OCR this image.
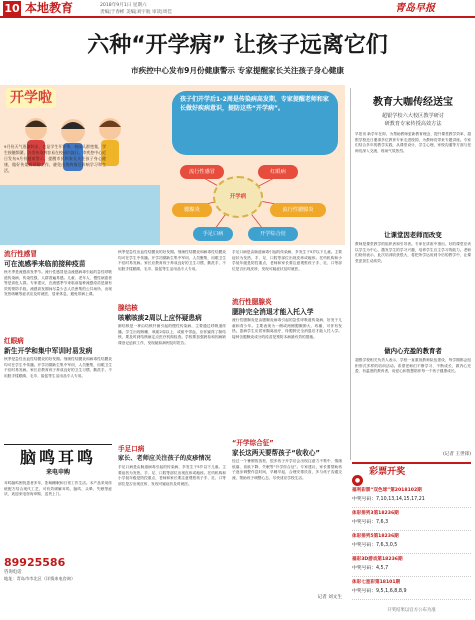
10 本地教育	2018年9月1日 星期六
责编|于春彬 美编|刘宇航 审读|周佳	青岛早报
六种“开学病” 让孩子远离它们
市疾控中心发布9月份健康警示 专家提醒家长关注孩子身心健康
开学啦	孩子们开学后1-2周是传染病高发期，专家提醒老师和家长做好疾病意识，提防这些“开学病”。
开学病
流行性感冒	红眼病
腮腺炎
手足口病
流行性腮腺炎
开学综合征
9月份天气逐渐转凉，也是学生开学季，校园人群密集，学生接触频繁，各类传染病容易在校园内流行。市疾控中心近日发布9月份健康警示，提醒市民和家长关注孩子身心健康，做好传染病预防工作，避免出现病情后影响学习和生活。
流行性感冒
可在流感季来临前接种疫苗
秋冬季是流感高发季节。流行性感冒是由流感病毒引起的急性呼吸道传染病，传染性强，人群普遍易感。儿童、老年人、慢性病患者等是高危人群。专家建议，在流感季节来临前接种流感疫苗是最有效的预防手段。流感高发期间尽量少去人员密集的公共场所，出现发热咳嗽等症状应及时就医，居家休息，避免带病上课。
红眼病
新生开学和集中军训时易发病
秋季是急性出血性结膜炎的好发期。细菌性结膜炎和病毒性结膜炎均可在学生中传播。开学初期新生集中军训，人员聚集，用眼卫生不佳时易发病。家长应教育孩子养成良好的卫生习惯，勤洗手，不用脏手揉眼睛，毛巾、脸盆等生活用品专人专用。
脑鸣耳鸣
来电申购
耳鸣脑鸣困扰患者多年，影响睡眠和日常工作生活。本产品采用传统配方结合现代工艺，可有效缓解耳鸣、脑鸣、头晕、失眠等症状，欢迎来电咨询申购，送货上门。
89925586
咨询电话
地址：青岛市市北区（详情来电咨询）
秋季是急性出血性结膜炎的好发期。细菌性结膜炎和病毒性结膜炎均可在学生中传播。开学初期新生集中军训，人员聚集，用眼卫生不佳时易发病。家长应教育孩子养成良好的卫生习惯，勤洗手，不用脏手揉眼睛，毛巾、脸盆等生活用品专人专用。
腺结核
咳嗽咳痰2周以上应怀疑患病
肺结核是一种由结核杆菌引起的慢性传染病，主要通过呼吸道传播。学生出现咳嗽、咳痰2周以上，或痰中带血，应怀疑得了肺结核，要及时到结核病定点医疗机构检查。学校要加强晨检和因病缺课登记追踪工作，发现疑似病例及时报告。
手足口病
家长、老师应关注孩子的皮疹情况
手足口病是由肠道病毒引起的传染病，多发生于5岁以下儿童。主要症状为发热，手、足、口腔等部位出现皮疹或疱疹。托幼机构和小学低年级是防控重点，老师和家长要注意观察孩子手、足、口等部位是否出现皮疹，发现可疑症状及时就医。
手足口病是由肠道病毒引起的传染病，多发生于5岁以下儿童。主要症状为发热，手、足、口腔等部位出现皮疹或疱疹。托幼机构和小学低年级是防控重点，老师和家长要注意观察孩子手、足、口等部位是否出现皮疹，发现可疑症状及时就医。
流行性腮腺炎
腮肿完全消退才能入托入学
流行性腮腺炎是由腮腺炎病毒引起的急性呼吸道传染病，好发于儿童和青少年。主要表现为一侧或两侧腮腺肿大、疼痛，可伴有发热。患病学生应居家隔离治疗，待腮肿完全消退后才能入托入学。接种含腮腺炎成分的疫苗是预防本病最有效的措施。
“开学综合征”
家长这两天要帮孩子“收收心”
经过一个暑假的放松，很多孩子开学后会出现注意力不集中、情绪低落、食欲下降、失眠等“开学综合征”。专家建议，家长要帮助孩子逐步调整作息时间，早睡早起，合理安排饮食，多与孩子沟通交流，帮助孩子调整心态，尽快适应学校生活。
记者 刘文生
教育大咖传经送宝
超银学校六大校区教学研讨
研教育专家传授高效方法
早报讯 新学年在即，为帮助教师更新教育理念、提升课堂教学效率，超银学校近日邀请多位教育专家走进校园，为教师们带来专题讲座。专家们结合多年的教学实践，从课堂设计、学生心理、家校沟通等方面与老师们深入交流，现场气氛热烈。
让课堂因老师而改变
教师是课堂教学的组织者和引导者。专家在讲座中指出，好的课堂应该以学生为中心，激发学生的学习兴趣，培养学生自主学习的能力。老师们纷纷表示，此次培训收获很大，将把所学运用到今后的教学中，让课堂更加生动高效。
做内心充盈的教育者
超银学校相关负责人表示，学校一直重视教师队伍建设，每学期都会组织形式多样的培训活动。希望老师们不断学习、不断成长，做内心充盈、有温度的教育者，用爱心和智慧陪伴每一个孩子健康成长。
(记者 王世锋)
● $^{彩票开奖}$
福利彩票“双色球”第2018102期
中奖号码：7,10,13,14,15,17,21
体彩排列3第18236期
中奖号码：7,6,3
体彩排列5第18236期
中奖号码：7,6,3,0,5
福彩3D游戏第18236期
中奖号码：4,5,7
体彩七星彩第18101期
中奖号码：9,5,1,6,8,8,9
开奖结果以官方公布为准
